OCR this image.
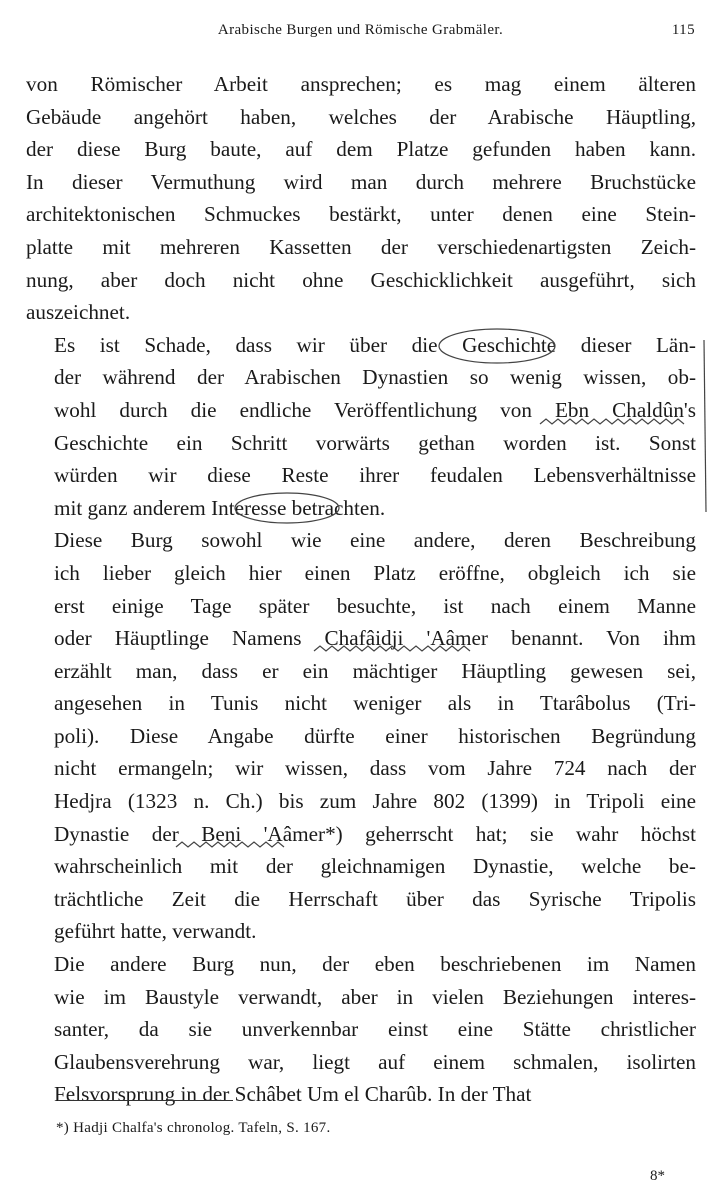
Arabische Burgen und Römische Grabmäler.	115

von Römischer Arbeit ansprechen; es mag einem älteren
Gebäude angehört haben, welches der Arabische Häuptling,
der diese Burg baute, auf dem Platze gefunden haben kann.
In dieser Vermuthung wird man durch mehrere Bruchstücke
architektonischen Schmuckes bestärkt, unter denen eine Stein-
platte mit mehreren Kassetten der verschiedenartigsten Zeich-
nung, aber doch nicht ohne Geschicklichkeit ausgeführt, sich
auszeichnet.

Es ist Schade, dass wir über die Geschichte dieser Län-
der während der Arabischen Dynastien so wenig wissen, ob-
wohl durch die endliche Veröffentlichung von Ebn Chaldûn's
Geschichte ein Schritt vorwärts gethan worden ist. Sonst
würden wir diese Reste ihrer feudalen Lebensverhältnisse
mit ganz anderem Interesse betrachten.

Diese Burg sowohl wie eine andere, deren Beschreibung
ich lieber gleich hier einen Platz eröffne, obgleich ich sie
erst einige Tage später besuchte, ist nach einem Manne
oder Häuptlinge Namens Chafâidji 'Aâmer benannt. Von ihm
erzählt man, dass er ein mächtiger Häuptling gewesen sei,
angesehen in Tunis nicht weniger als in Ttarâbolus (Tri-
poli). Diese Angabe dürfte einer historischen Begründung
nicht ermangeln; wir wissen, dass vom Jahre 724 nach der
Hedjra (1323 n. Ch.) bis zum Jahre 802 (1399) in Tripoli eine
Dynastie der Beni 'Aâmer*) geherrscht hat; sie wahr höchst
wahrscheinlich mit der gleichnamigen Dynastie, welche be-
trächtliche Zeit die Herrschaft über das Syrische Tripolis
geführt hatte, verwandt.

Die andere Burg nun, der eben beschriebenen im Namen
wie im Baustyle verwandt, aber in vielen Beziehungen interes-
santer, da sie unverkennbar einst eine Stätte christlicher
Glaubensverehrung war, liegt auf einem schmalen, isolirten
Felsvorsprung in der Schâbet Um el Charûb. In der That

*) Hadji Chalfa's chronolog. Tafeln, S. 167.
8*
